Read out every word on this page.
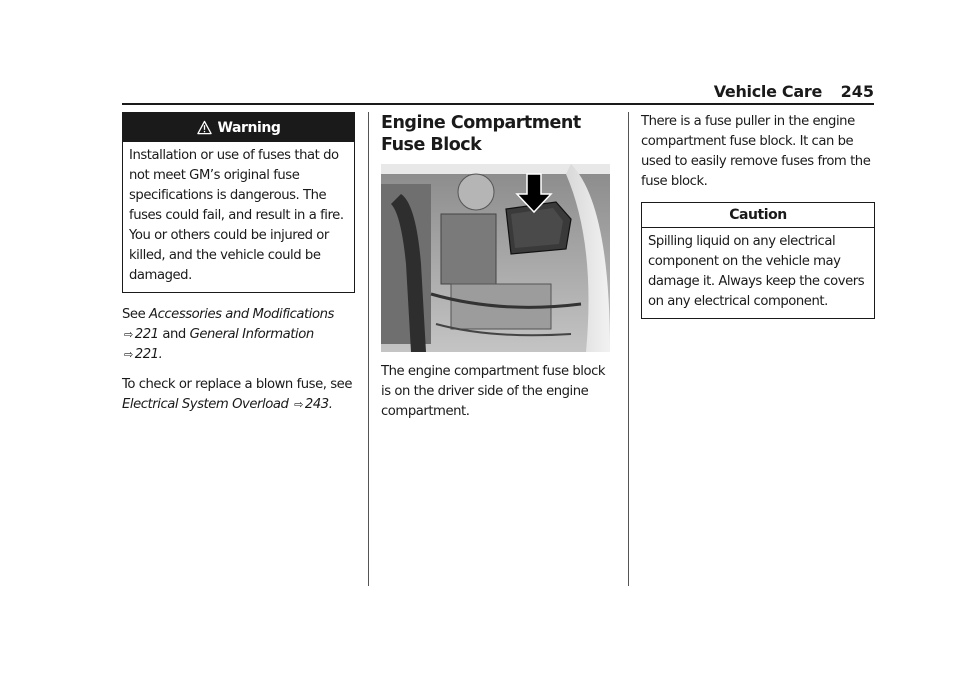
Vehicle Care 245
Warning
Installation or use of fuses that do not meet GM’s original fuse specifications is dangerous. The fuses could fail, and result in a fire. You or others could be injured or killed, and the vehicle could be damaged.

See Accessories and Modifications ⇨ 221 and General Information ⇨ 221.

To check or replace a blown fuse, see Electrical System Overload ⇨ 243.

Engine Compartment Fuse Block

The engine compartment fuse block is on the driver side of the engine compartment.

There is a fuse puller in the engine compartment fuse block. It can be used to easily remove fuses from the fuse block.

Caution
Spilling liquid on any electrical component on the vehicle may damage it. Always keep the covers on any electrical component.
